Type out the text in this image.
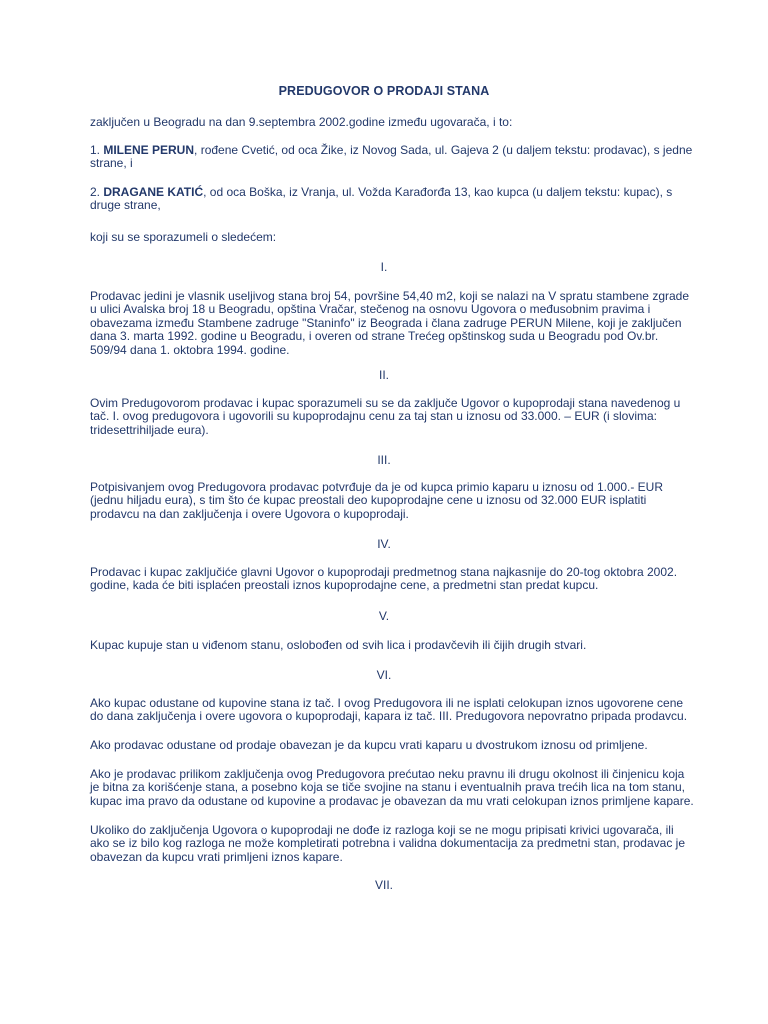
PREDUGOVOR O PRODAJI STANA

zaključen u Beogradu na dan 9.septembra 2002.godine između ugovarača, i to:

1. MILENE PERUN, rođene Cvetić, od oca Žike, iz Novog Sada, ul. Gajeva 2 (u daljem tekstu: prodavac), s jedne
strane, i

2. DRAGANE KATIĆ, od oca Boška, iz Vranja, ul. Vožda Karađorđa 13, kao kupca (u daljem tekstu: kupac), s
druge strane,

koji su se sporazumeli o sledećem:

I.

Prodavac jedini je vlasnik useljivog stana broj 54, površine 54,40 m2, koji se nalazi na V spratu stambene zgrade
u ulici Avalska broj 18 u Beogradu, opština Vračar, stečenog na osnovu Ugovora o međusobnim pravima i
obavezama između Stambene zadruge "Staninfo" iz Beograda i člana zadruge PERUN Milene, koji je zaključen
dana 3. marta 1992. godine u Beogradu, i overen od strane Trećeg opštinskog suda u Beogradu pod Ov.br.
509/94 dana 1. oktobra 1994. godine.

II.

Ovim Predugovorom prodavac i kupac sporazumeli su se da zaključe Ugovor o kupoprodaji stana navedenog u
tač. I. ovog predugovora i ugovorili su kupoprodajnu cenu za taj stan u iznosu od 33.000. – EUR (i slovima:
tridesettrihiljade eura).

III.

Potpisivanjem ovog Predugovora prodavac potvrđuje da je od kupca primio kaparu u iznosu od 1.000.- EUR
(jednu hiljadu eura), s tim što će kupac preostali deo kupoprodajne cene u iznosu od 32.000 EUR isplatiti
prodavcu na dan zaključenja i overe Ugovora o kupoprodaji.

IV.

Prodavac i kupac zaključiće glavni Ugovor o kupoprodaji predmetnog stana najkasnije do 20-tog oktobra 2002.
godine, kada će biti isplaćen preostali iznos kupoprodajne cene, a predmetni stan predat kupcu.

V.

Kupac kupuje stan u viđenom stanu, oslobođen od svih lica i prodavčevih ili čijih drugih stvari.

VI.

Ako kupac odustane od kupovine stana iz tač. I ovog Predugovora ili ne isplati celokupan iznos ugovorene cene
do dana zaključenja i overe ugovora o kupoprodaji, kapara iz tač. III. Predugovora nepovratno pripada prodavcu.

Ako prodavac odustane od prodaje obavezan je da kupcu vrati kaparu u dvostrukom iznosu od primljene.

Ako je prodavac prilikom zaključenja ovog Predugovora prećutao neku pravnu ili drugu okolnost ili činjenicu koja
je bitna za korišćenje stana, a posebno koja se tiče svojine na stanu i eventualnih prava trećih lica na tom stanu,
kupac ima pravo da odustane od kupovine a prodavac je obavezan da mu vrati celokupan iznos primljene kapare.

Ukoliko do zaključenja Ugovora o kupoprodaji ne dođe iz razloga koji se ne mogu pripisati krivici ugovarača, ili
ako se iz bilo kog razloga ne može kompletirati potrebna i validna dokumentacija za predmetni stan, prodavac je
obavezan da kupcu vrati primljeni iznos kapare.

VII.
